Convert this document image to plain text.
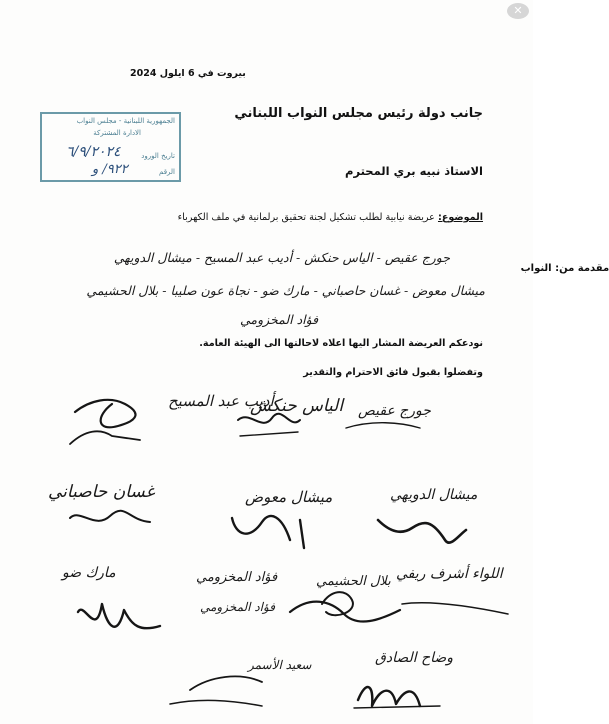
✕
بيروت في 6 ايلول 2024
الجمهورية اللبنانية - مجلس النواب
الادارة المشتركة
تاريخ الورود
الرقم
٦/٩/٢٠٢٤
٩٢٢/ و
جانب دولة رئيس مجلس النواب اللبناني
الاستاذ نبيه بري المحترم
الموضوع: عريضة نيابية لطلب تشكيل لجنة تحقيق برلمانية في ملف الكهرباء
مقدمة من: النواب
جورج عقيص - الياس حنكش - أديب عبد المسيح - ميشال الدويهي
ميشال معوض - غسان حاصباني - مارك ضو - نجاة عون صليبا - بلال الحشيمي
فؤاد المخزومي
نودعكم العريضة المشار اليها اعلاه لاحالتها الى الهيئة العامة.
وتفضلوا بقبول فائق الاحترام والتقدير
جورج عقيص
الياس حنكش
أديب عبد المسيح
ميشال الدويهي
ميشال معوض
غسان حاصباني
اللواء أشرف ريفي
بلال الحشيمي
فؤاد المخزومي
مارك ضو
فؤاد المخزومي
سعيد الأسمر	وضاح الصادق
